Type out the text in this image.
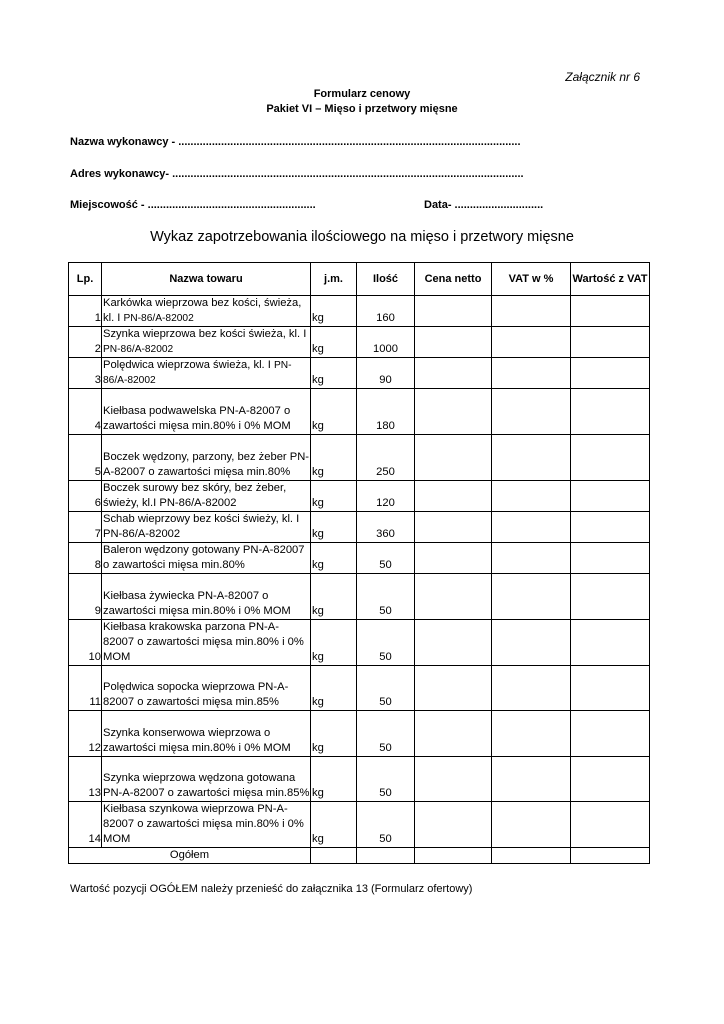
Załącznik nr 6
Formularz cenowy
Pakiet VI – Mięso i przetwory mięsne
Nazwa wykonawcy - ................................................................................................................
Adres wykonawcy- ...................................................................................................................
Miejscowość - .......................................................	Data- .............................
Wykaz zapotrzebowania ilościowego na mięso i przetwory mięsne
Lp.	Nazwa towaru	j.m.	Ilość	Cena netto	VAT w %	Wartość z VAT
1	Karkówka wieprzowa bez kości, świeża, kl. I PN-86/A-82002	kg	160			
2	Szynka wieprzowa bez kości świeża, kl. I PN-86/A-82002	kg	1000			
3	Polędwica wieprzowa świeża, kl. I PN-86/A-82002	kg	90			
4	Kiełbasa podwawelska PN-A-82007 o zawartości mięsa min.80% i 0% MOM	kg	180			
5	Boczek wędzony, parzony, bez żeber PN-A-82007 o zawartości mięsa min.80%	kg	250			
6	Boczek surowy bez skóry, bez żeber, świeży, kl.I PN-86/A-82002	kg	120			
7	Schab wieprzowy bez kości świeży, kl. I PN-86/A-82002	kg	360			
8	Baleron wędzony gotowany PN-A-82007 o zawartości mięsa min.80%	kg	50			
9	Kiełbasa żywiecka PN-A-82007 o zawartości mięsa min.80% i 0% MOM	kg	50			
10	Kiełbasa krakowska parzona PN-A-82007 o zawartości mięsa min.80% i 0% MOM	kg	50			
11	Polędwica sopocka wieprzowa PN-A-82007 o zawartości mięsa min.85%	kg	50			
12	Szynka konserwowa wieprzowa o zawartości mięsa min.80% i 0% MOM	kg	50			
13	Szynka wieprzowa wędzona gotowana PN-A-82007 o zawartości mięsa min.85%	kg	50			
14	Kiełbasa szynkowa wieprzowa PN-A-82007 o zawartości mięsa min.80% i 0% MOM	kg	50			
Ogółem						
Wartość pozycji OGÓŁEM należy przenieść do załącznika 13 (Formularz ofertowy)
